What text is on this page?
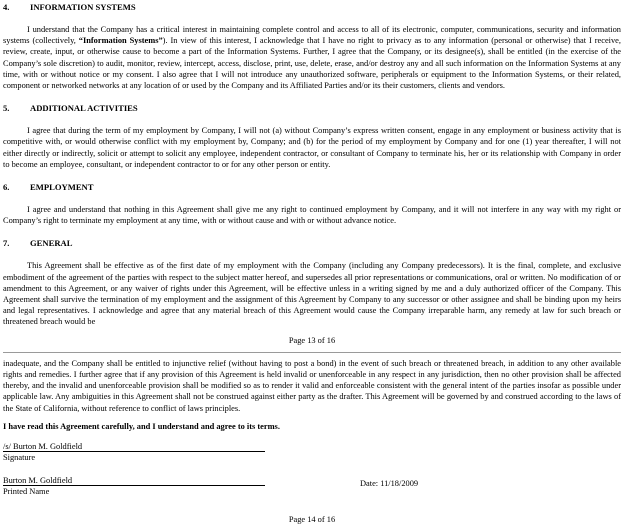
4.	INFORMATION SYSTEMS

I understand that the Company has a critical interest in maintaining complete control and access to all of its electronic, computer, communications, security and information systems (collectively, “Information Systems”). In view of this interest, I acknowledge that I have no right to privacy as to any information (personal or otherwise) that I receive, review, create, input, or otherwise cause to become a part of the Information Systems. Further, I agree that the Company, or its designee(s), shall be entitled (in the exercise of the Company’s sole discretion) to audit, monitor, review, intercept, access, disclose, print, use, delete, erase, and/or destroy any and all such information on the Information Systems at any time, with or without notice or my consent. I also agree that I will not introduce any unauthorized software, peripherals or equipment to the Information Systems, or their related, component or networked networks at any location of or used by the Company and its Affiliated Parties and/or its their customers, clients and vendors.

5.	ADDITIONAL ACTIVITIES

I agree that during the term of my employment by Company, I will not (a) without Company’s express written consent, engage in any employment or business activity that is competitive with, or would otherwise conflict with my employment by, Company; and (b) for the period of my employment by Company and for one (1) year thereafter, I will not either directly or indirectly, solicit or attempt to solicit any employee, independent contractor, or consultant of Company to terminate his, her or its relationship with Company in order to become an employee, consultant, or independent contractor to or for any other person or entity.

6.	EMPLOYMENT

I agree and understand that nothing in this Agreement shall give me any right to continued employment by Company, and it will not interfere in any way with my right or Company’s right to terminate my employment at any time, with or without cause and with or without advance notice.

7.	GENERAL

This Agreement shall be effective as of the first date of my employment with the Company (including any Company predecessors). It is the final, complete, and exclusive embodiment of the agreement of the parties with respect to the subject matter hereof, and supersedes all prior representations or communications, oral or written. No modification of or amendment to this Agreement, or any waiver of rights under this Agreement, will be effective unless in a writing signed by me and a duly authorized officer of the Company. This Agreement shall survive the termination of my employment and the assignment of this Agreement by Company to any successor or other assignee and shall be binding upon my heirs and legal representatives. I acknowledge and agree that any material breach of this Agreement would cause the Company irreparable harm, any remedy at law for such breach or threatened breach would be

Page 13 of 16

inadequate, and the Company shall be entitled to injunctive relief (without having to post a bond) in the event of such breach or threatened breach, in addition to any other available rights and remedies. I further agree that if any provision of this Agreement is held invalid or unenforceable in any respect in any jurisdiction, then no other provision shall be affected thereby, and the invalid and unenforceable provision shall be modified so as to render it valid and enforceable consistent with the general intent of the parties insofar as possible under applicable law. Any ambiguities in this Agreement shall not be construed against either party as the drafter. This Agreement will be governed by and construed according to the laws of the State of California, without reference to conflict of laws principles.

I have read this Agreement carefully, and I understand and agree to its terms.

/s/ Burton M. Goldfield
Signature
Burton M. Goldfield
Printed Name
Date: 11/18/2009
Page 14 of 16
